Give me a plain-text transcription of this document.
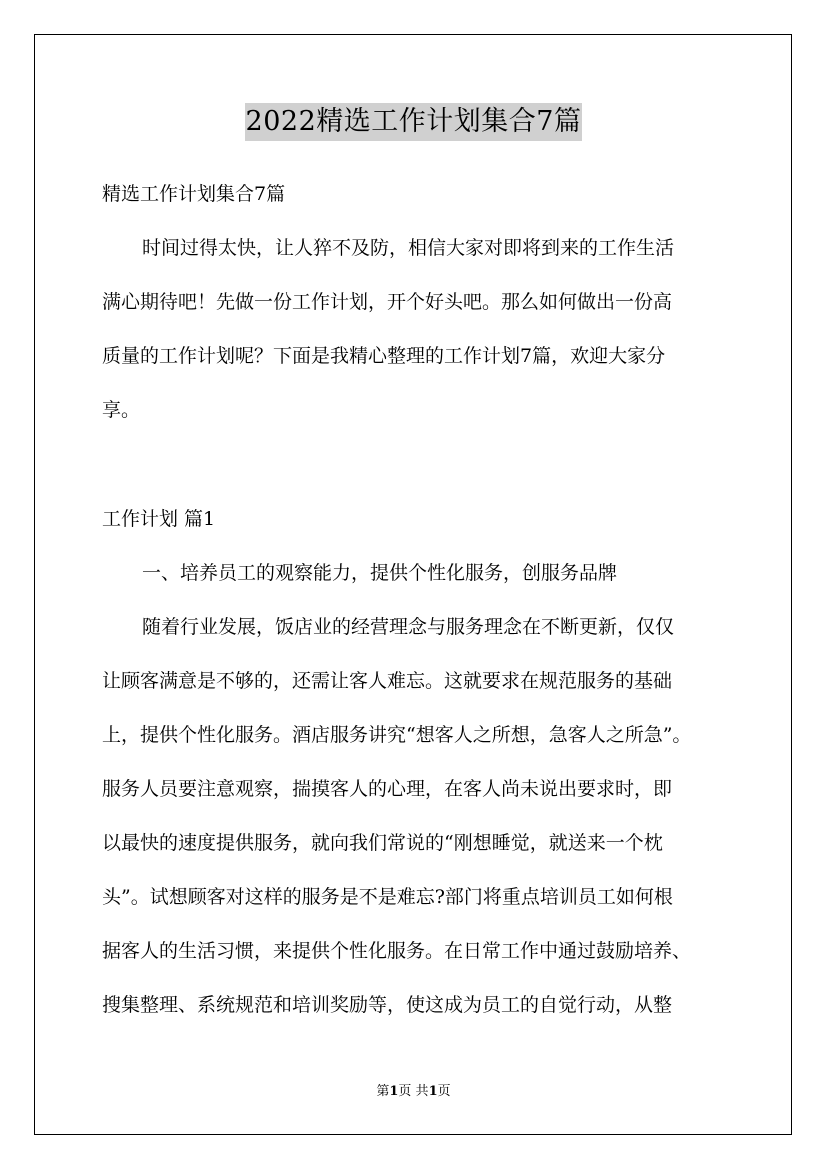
2022精选工作计划集合7篇
精选工作计划集合7篇
时间过得太快，让人猝不及防，相信大家对即将到来的工作生活
满心期待吧！先做一份工作计划，开个好头吧。那么如何做出一份高
质量的工作计划呢？下面是我精心整理的工作计划7篇，欢迎大家分
享。
工作计划 篇1
一、培养员工的观察能力，提供个性化服务，创服务品牌
随着行业发展，饭店业的经营理念与服务理念在不断更新，仅仅
让顾客满意是不够的，还需让客人难忘。这就要求在规范服务的基础
上，提供个性化服务。酒店服务讲究“想客人之所想，急客人之所急”。
服务人员要注意观察，揣摸客人的心理，在客人尚未说出要求时，即
以最快的速度提供服务，就向我们常说的“刚想睡觉，就送来一个枕
头”。试想顾客对这样的服务是不是难忘?部门将重点培训员工如何根
据客人的生活习惯，来提供个性化服务。在日常工作中通过鼓励培养、
搜集整理、系统规范和培训奖励等，使这成为员工的自觉行动，从整
第1页 共1页
